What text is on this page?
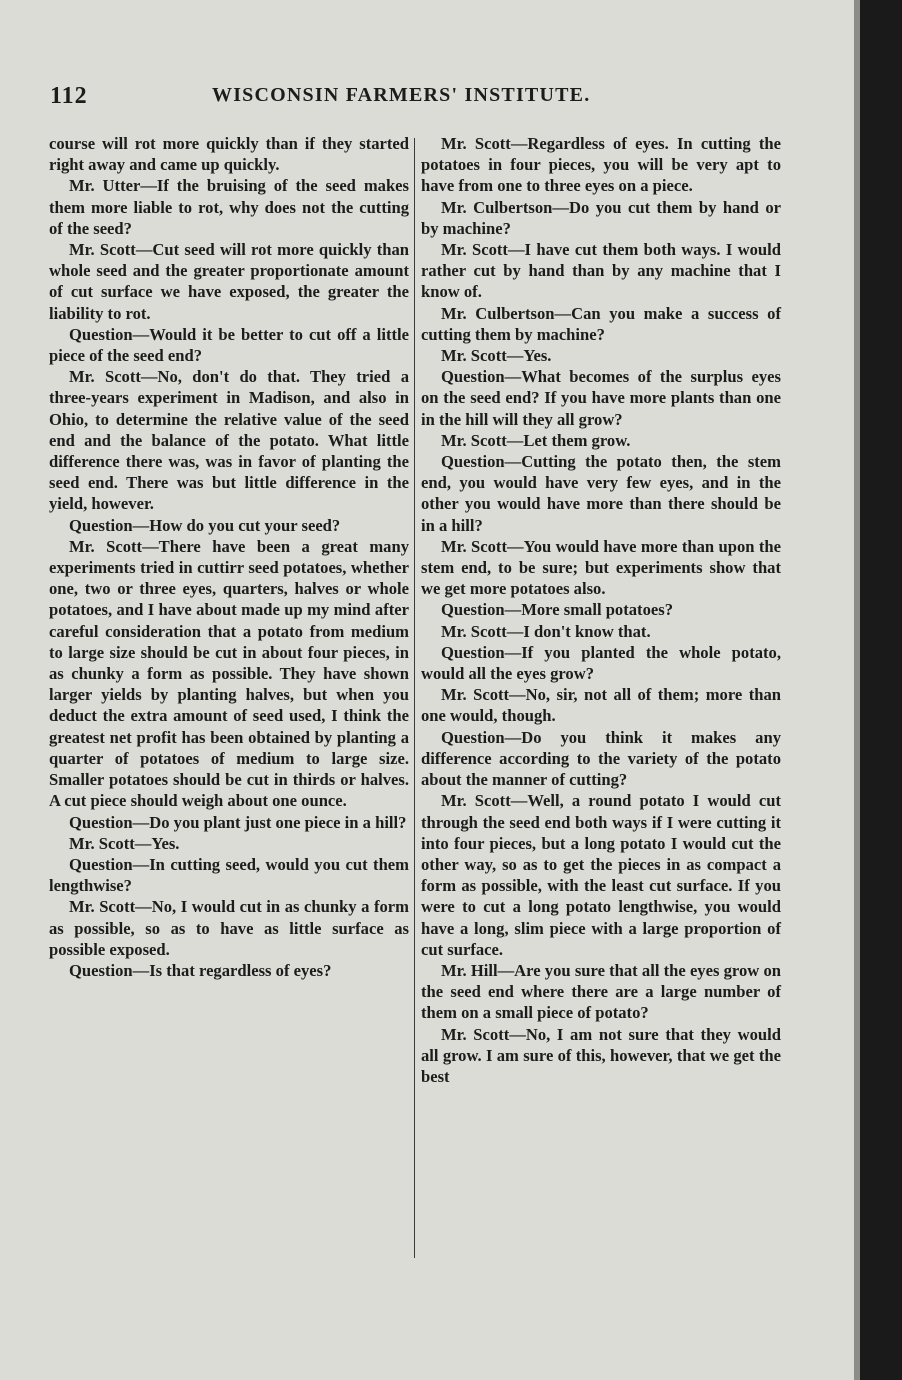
112	WISCONSIN FARMERS' INSTITUTE.

course will rot more quickly than if they started right away and came up quickly.

Mr. Utter—If the bruising of the seed makes them more liable to rot, why does not the cutting of the seed?

Mr. Scott—Cut seed will rot more quickly than whole seed and the greater proportionate amount of cut surface we have exposed, the greater the liability to rot.

Question—Would it be better to cut off a little piece of the seed end?

Mr. Scott—No, don't do that. They tried a three-years experiment in Madison, and also in Ohio, to determine the relative value of the seed end and the balance of the potato. What little difference there was, was in favor of planting the seed end. There was but little difference in the yield, however.

Question—How do you cut your seed?

Mr. Scott—There have been a great many experiments tried in cuttirr seed potatoes, whether one, two or three eyes, quarters, halves or whole potatoes, and I have about made up my mind after careful consideration that a potato from medium to large size should be cut in about four pieces, in as chunky a form as possible. They have shown larger yields by planting halves, but when you deduct the extra amount of seed used, I think the greatest net profit has been obtained by planting a quarter of potatoes of medium to large size. Smaller potatoes should be cut in thirds or halves. A cut piece should weigh about one ounce.

Question—Do you plant just one piece in a hill?

Mr. Scott—Yes.

Question—In cutting seed, would you cut them lengthwise?

Mr. Scott—No, I would cut in as chunky a form as possible, so as to have as little surface as possible exposed.

Question—Is that regardless of eyes?

Mr. Scott—Regardless of eyes. In cutting the potatoes in four pieces, you will be very apt to have from one to three eyes on a piece.

Mr. Culbertson—Do you cut them by hand or by machine?

Mr. Scott—I have cut them both ways. I would rather cut by hand than by any machine that I know of.

Mr. Culbertson—Can you make a success of cutting them by machine?

Mr. Scott—Yes.

Question—What becomes of the surplus eyes on the seed end? If you have more plants than one in the hill will they all grow?

Mr. Scott—Let them grow.

Question—Cutting the potato then, the stem end, you would have very few eyes, and in the other you would have more than there should be in a hill?

Mr. Scott—You would have more than upon the stem end, to be sure; but experiments show that we get more potatoes also.

Question—More small potatoes?

Mr. Scott—I don't know that.

Question—If you planted the whole potato, would all the eyes grow?

Mr. Scott—No, sir, not all of them; more than one would, though.

Question—Do you think it makes any difference according to the variety of the potato about the manner of cutting?

Mr. Scott—Well, a round potato I would cut through the seed end both ways if I were cutting it into four pieces, but a long potato I would cut the other way, so as to get the pieces in as compact a form as possible, with the least cut surface. If you were to cut a long potato lengthwise, you would have a long, slim piece with a large proportion of cut surface.

Mr. Hill—Are you sure that all the eyes grow on the seed end where there are a large number of them on a small piece of potato?

Mr. Scott—No, I am not sure that they would all grow. I am sure of this, however, that we get the best
